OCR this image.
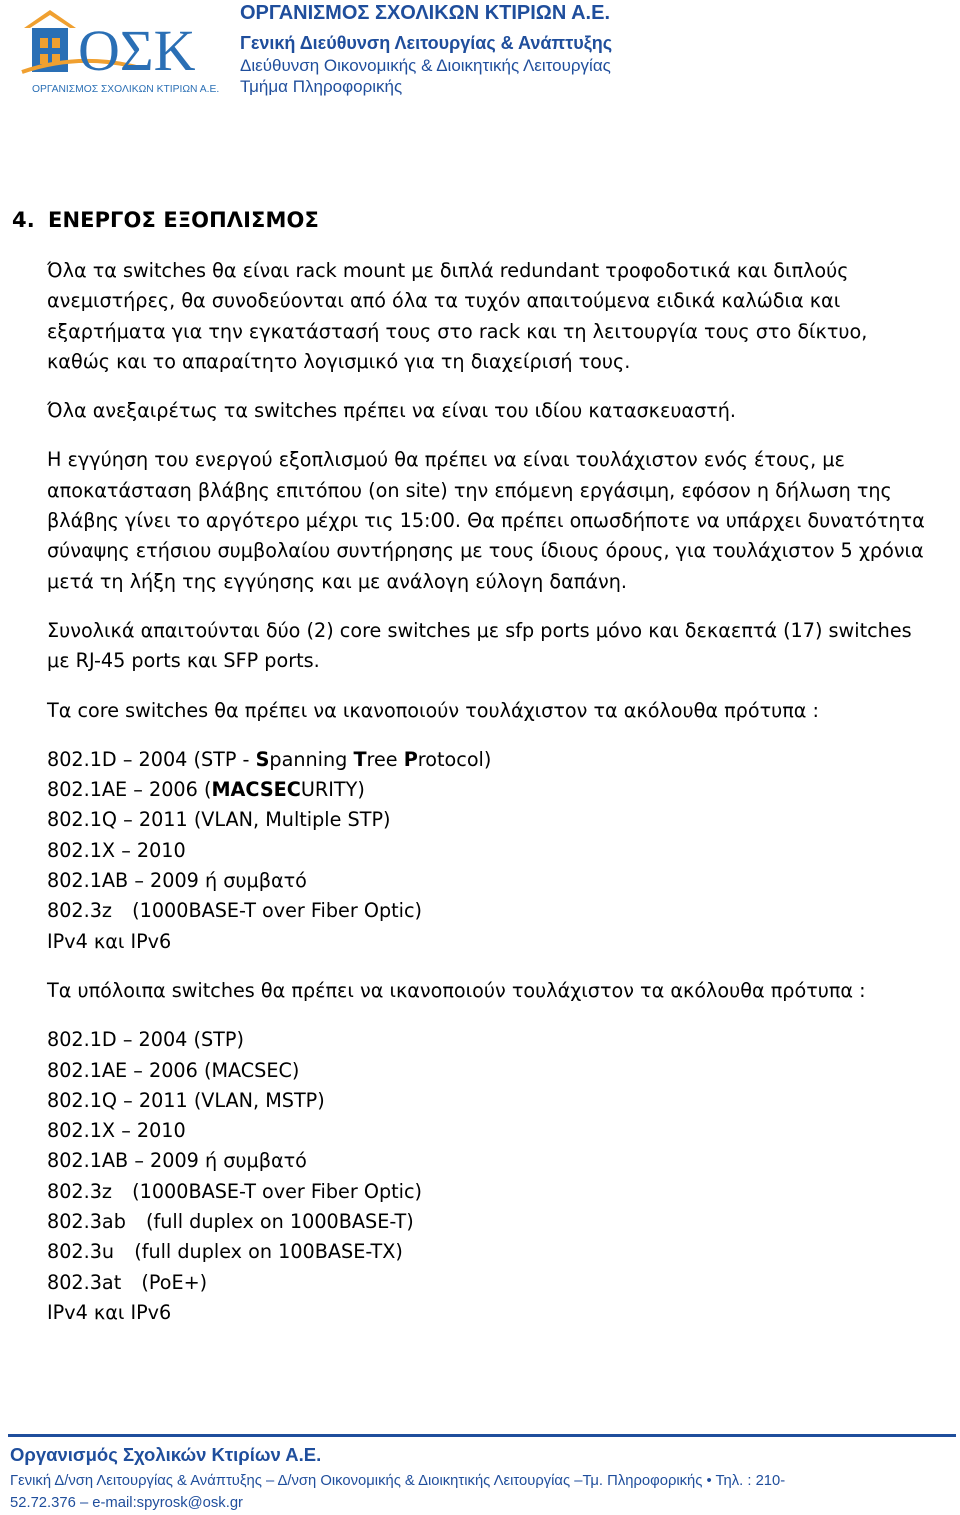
ΟΣΚ
ΟΡΓΑΝΙΣΜΟΣ ΣΧΟΛΙΚΩΝ ΚΤΙΡΙΩΝ Α.Ε.
ΟΡΓΑΝΙΣΜΟΣ ΣΧΟΛΙΚΩΝ ΚΤΙΡΙΩΝ Α.Ε.
Γενική Διεύθυνση Λειτουργίας & Ανάπτυξης
Διεύθυνση Οικονομικής & Διοικητικής Λειτουργίας
Τμήμα Πληροφορικής
4. ΕΝΕΡΓΟΣ ΕΞΟΠΛΙΣΜΟΣ

Όλα τα switches θα είναι rack mount με διπλά redundant τροφοδοτικά και διπλούς ανεμιστήρες, θα συνοδεύονται από όλα τα τυχόν απαιτούμενα ειδικά καλώδια και εξαρτήματα για την εγκατάστασή τους στο rack και τη λειτουργία τους στο δίκτυο, καθώς και το απαραίτητο λογισμικό για τη διαχείρισή τους.

Όλα ανεξαιρέτως τα switches πρέπει να είναι του ιδίου κατασκευαστή.

Η εγγύηση του ενεργού εξοπλισμού θα πρέπει να είναι τουλάχιστον ενός έτους, με αποκατάσταση βλάβης επιτόπου (on site) την επόμενη εργάσιμη, εφόσον η δήλωση της βλάβης γίνει το αργότερο μέχρι τις 15:00. Θα πρέπει οπωσδήποτε να υπάρχει δυνατότητα σύναψης ετήσιου συμβολαίου συντήρησης με τους ίδιους όρους, για τουλάχιστον 5 χρόνια μετά τη λήξη της εγγύησης και με ανάλογη εύλογη δαπάνη.

Συνολικά απαιτούνται δύο (2) core switches με sfp ports μόνο και δεκαεπτά (17) switches με RJ-45 ports και SFP ports.

Τα core switches θα πρέπει να ικανοποιούν τουλάχιστον τα ακόλουθα πρότυπα :

802.1D – 2004 (STP - Spanning Tree Protocol)
802.1AE – 2006 (MACSECURITY)
802.1Q – 2011 (VLAN, Multiple STP)
802.1X – 2010
802.1AB – 2009 ή συμβατό
802.3z (1000BASE-T over Fiber Optic)
IPv4 και IPv6

Τα υπόλοιπα switches θα πρέπει να ικανοποιούν τουλάχιστον τα ακόλουθα πρότυπα :

802.1D – 2004 (STP)
802.1AE – 2006 (MACSEC)
802.1Q – 2011 (VLAN, MSTP)
802.1X – 2010
802.1AB – 2009 ή συμβατό
802.3z (1000BASE-T over Fiber Optic)
802.3ab (full duplex on 1000BASE-T)
802.3u (full duplex on 100BASE-TX)
802.3at (PoE+)
IPv4 και IPv6
Οργανισμός Σχολικών Κτιρίων Α.Ε.
Γενική Δ/νση Λειτουργίας & Ανάπτυξης – Δ/νση Οικονομικής & Διοικητικής Λειτουργίας –Τμ. Πληροφορικής • Τηλ. : 210-52.72.376 – e-mail:spyrosk@osk.gr
